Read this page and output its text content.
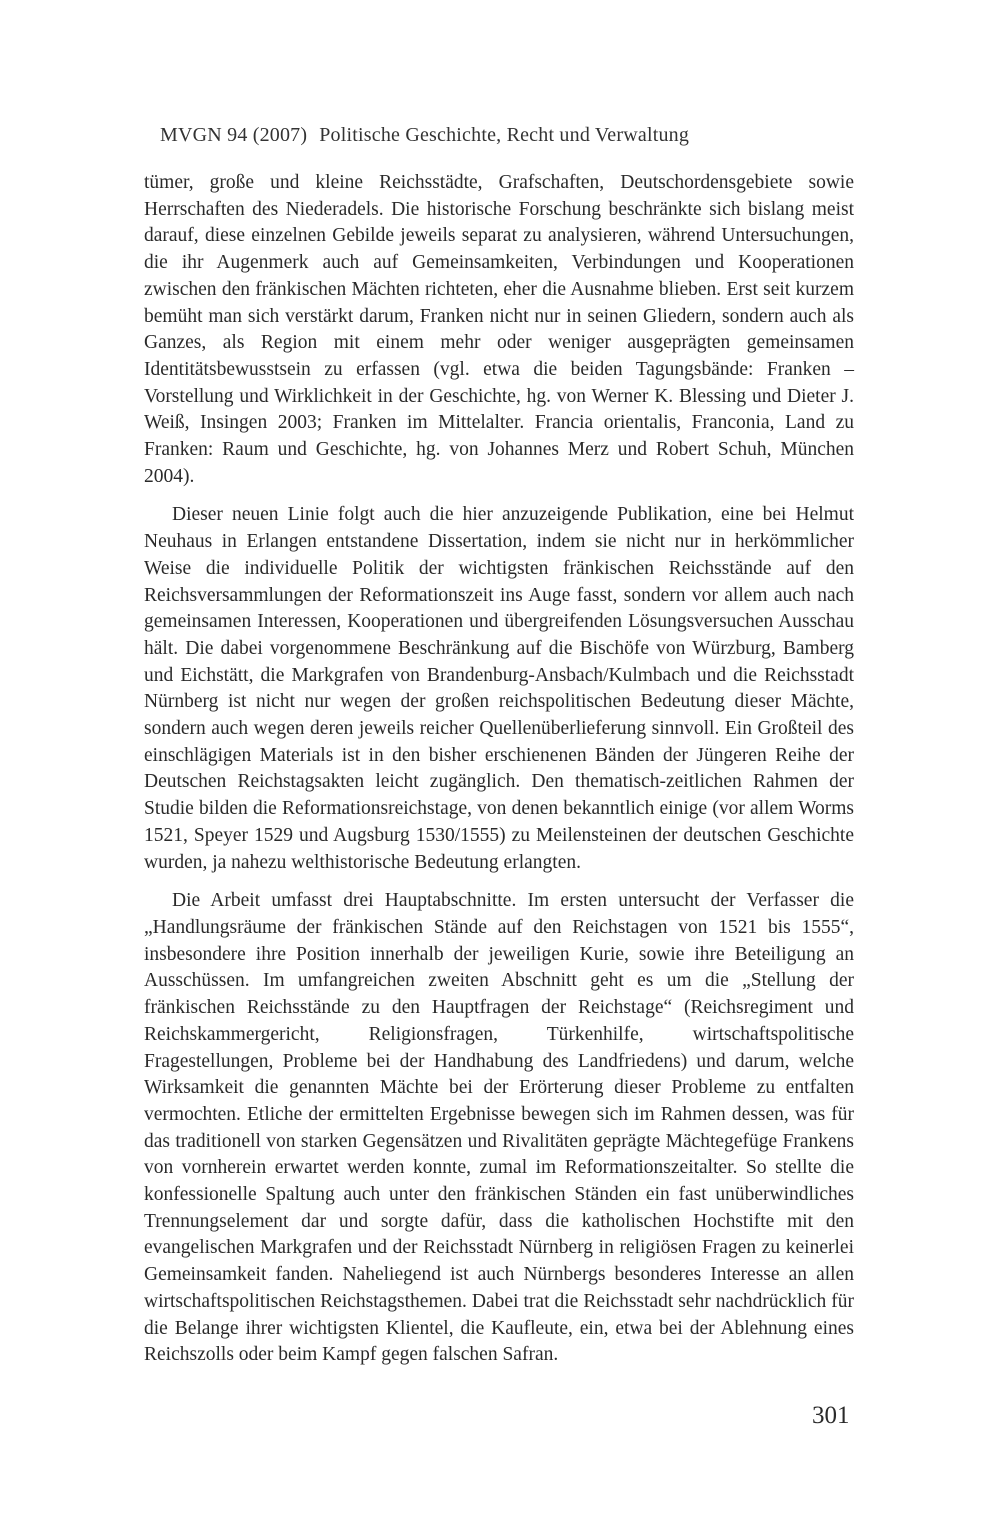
MVGN 94 (2007) Politische Geschichte, Recht und Verwaltung

tümer, große und kleine Reichsstädte, Grafschaften, Deutschordensgebiete sowie Herrschaften des Niederadels. Die historische Forschung beschränkte sich bislang meist darauf, diese einzelnen Gebilde jeweils separat zu analysieren, während Untersuchungen, die ihr Augenmerk auch auf Gemeinsamkeiten, Verbindungen und Kooperationen zwischen den fränkischen Mächten richteten, eher die Ausnahme blieben. Erst seit kurzem bemüht man sich verstärkt darum, Franken nicht nur in seinen Gliedern, sondern auch als Ganzes, als Region mit einem mehr oder weniger ausgeprägten gemeinsamen Identitätsbewusstsein zu erfassen (vgl. etwa die beiden Tagungsbände: Franken – Vorstellung und Wirklichkeit in der Geschichte, hg. von Werner K. Blessing und Dieter J. Weiß, Insingen 2003; Franken im Mittelalter. Francia orientalis, Franconia, Land zu Franken: Raum und Geschichte, hg. von Johannes Merz und Robert Schuh, München 2004).

Dieser neuen Linie folgt auch die hier anzuzeigende Publikation, eine bei Helmut Neuhaus in Erlangen entstandene Dissertation, indem sie nicht nur in herkömmlicher Weise die individuelle Politik der wichtigsten fränkischen Reichsstände auf den Reichsversammlungen der Reformationszeit ins Auge fasst, sondern vor allem auch nach gemeinsamen Interessen, Kooperationen und übergreifenden Lösungsversuchen Ausschau hält. Die dabei vorgenommene Beschränkung auf die Bischöfe von Würzburg, Bamberg und Eichstätt, die Markgrafen von Brandenburg-Ansbach/Kulmbach und die Reichsstadt Nürnberg ist nicht nur wegen der großen reichspolitischen Bedeutung dieser Mächte, sondern auch wegen deren jeweils reicher Quellenüberlieferung sinnvoll. Ein Großteil des einschlägigen Materials ist in den bisher erschienenen Bänden der Jüngeren Reihe der Deutschen Reichstagsakten leicht zugänglich. Den thematisch-zeitlichen Rahmen der Studie bilden die Reformationsreichstage, von denen bekanntlich einige (vor allem Worms 1521, Speyer 1529 und Augsburg 1530/1555) zu Meilensteinen der deutschen Geschichte wurden, ja nahezu welthistorische Bedeutung erlangten.

Die Arbeit umfasst drei Hauptabschnitte. Im ersten untersucht der Verfasser die „Handlungsräume der fränkischen Stände auf den Reichstagen von 1521 bis 1555“, insbesondere ihre Position innerhalb der jeweiligen Kurie, sowie ihre Beteiligung an Ausschüssen. Im umfangreichen zweiten Abschnitt geht es um die „Stellung der fränkischen Reichsstände zu den Hauptfragen der Reichstage“ (Reichsregiment und Reichskammergericht, Religionsfragen, Türkenhilfe, wirtschaftspolitische Fragestellungen, Probleme bei der Handhabung des Landfriedens) und darum, welche Wirksamkeit die genannten Mächte bei der Erörterung dieser Probleme zu entfalten vermochten. Etliche der ermittelten Ergebnisse bewegen sich im Rahmen dessen, was für das traditionell von starken Gegensätzen und Rivalitäten geprägte Mächtegefüge Frankens von vornherein erwartet werden konnte, zumal im Reformationszeitalter. So stellte die konfessionelle Spaltung auch unter den fränkischen Ständen ein fast unüberwindliches Trennungselement dar und sorgte dafür, dass die katholischen Hochstifte mit den evangelischen Markgrafen und der Reichsstadt Nürnberg in religiösen Fragen zu keinerlei Gemeinsamkeit fanden. Naheliegend ist auch Nürnbergs besonderes Interesse an allen wirtschaftspolitischen Reichstagsthemen. Dabei trat die Reichsstadt sehr nachdrücklich für die Belange ihrer wichtigsten Klientel, die Kaufleute, ein, etwa bei der Ablehnung eines Reichszolls oder beim Kampf gegen falschen Safran.

301
